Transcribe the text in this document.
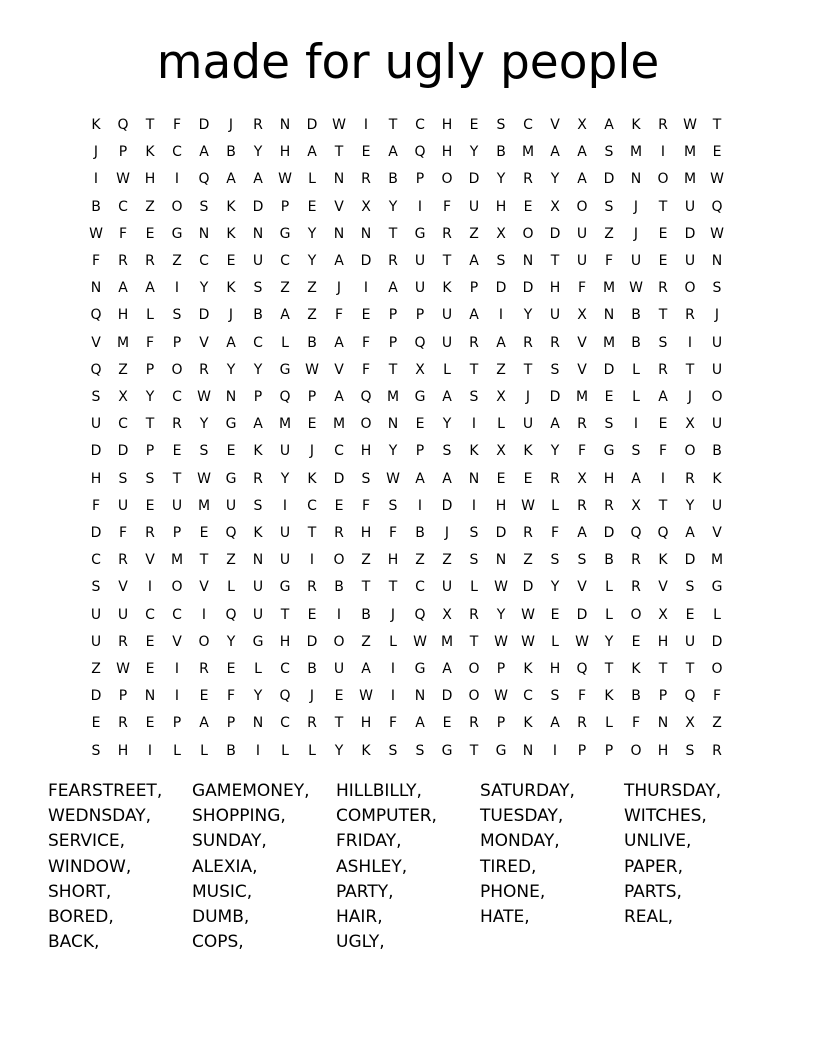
made for ugly people
K	Q	T	F	D	J	R	N	D	W	I	T	C	H	E	S	C	V	X	A	K	R	W	T
J	P	K	C	A	B	Y	H	A	T	E	A	Q	H	Y	B	M	A	A	S	M	I	M	E
I	W	H	I	Q	A	A	W	L	N	R	B	P	O	D	Y	R	Y	A	D	N	O	M	W
B	C	Z	O	S	K	D	P	E	V	X	Y	I	F	U	H	E	X	O	S	J	T	U	Q
W	F	E	G	N	K	N	G	Y	N	N	T	G	R	Z	X	O	D	U	Z	J	E	D	W
F	R	R	Z	C	E	U	C	Y	A	D	R	U	T	A	S	N	T	U	F	U	E	U	N
N	A	A	I	Y	K	S	Z	Z	J	I	A	U	K	P	D	D	H	F	M	W	R	O	S
Q	H	L	S	D	J	B	A	Z	F	E	P	P	U	A	I	Y	U	X	N	B	T	R	J
V	M	F	P	V	A	C	L	B	A	F	P	Q	U	R	A	R	R	V	M	B	S	I	U
Q	Z	P	O	R	Y	Y	G	W	V	F	T	X	L	T	Z	T	S	V	D	L	R	T	U
S	X	Y	C	W	N	P	Q	P	A	Q	M	G	A	S	X	J	D	M	E	L	A	J	O
U	C	T	R	Y	G	A	M	E	M	O	N	E	Y	I	L	U	A	R	S	I	E	X	U
D	D	P	E	S	E	K	U	J	C	H	Y	P	S	K	X	K	Y	F	G	S	F	O	B
H	S	S	T	W	G	R	Y	K	D	S	W	A	A	N	E	E	R	X	H	A	I	R	K
F	U	E	U	M	U	S	I	C	E	F	S	I	D	I	H	W	L	R	R	X	T	Y	U
D	F	R	P	E	Q	K	U	T	R	H	F	B	J	S	D	R	F	A	D	Q	Q	A	V
C	R	V	M	T	Z	N	U	I	O	Z	H	Z	Z	S	N	Z	S	S	B	R	K	D	M
S	V	I	O	V	L	U	G	R	B	T	T	C	U	L	W	D	Y	V	L	R	V	S	G
U	U	C	C	I	Q	U	T	E	I	B	J	Q	X	R	Y	W	E	D	L	O	X	E	L
U	R	E	V	O	Y	G	H	D	O	Z	L	W	M	T	W W	L	W	Y	E	H	U	D
Z	W	E	I	R	E	L	C	B	U	A	I	G	A	O	P	K	H	Q	T	K	T	T	O
D	P	N	I	E	F	Y	Q	J	E	W	I	N	D	O	W	C	S	F	K	B	P	Q	F
E	R	E	P	A	P	N	C	R	T	H	F	A	E	R	P	K	A	R	L	F	N	X	Z
S	H	I	L	L	B	I	L	L	Y	K	S	S	G	T	G	N	I	P	P	O	H	S	R
FEARSTREET,
WEDNSDAY,
SERVICE,
WINDOW,
SHORT,
BORED,
BACK,
GAMEMONEY,
SHOPPING,
SUNDAY,
ALEXIA,
MUSIC,
DUMB,
COPS,
HILLBILLY,
COMPUTER,
FRIDAY,
ASHLEY,
PARTY,
HAIR,
UGLY,
SATURDAY,
TUESDAY,
MONDAY,
TIRED,
PHONE,
HATE,
THURSDAY,
WITCHES,
UNLIVE,
PAPER,
PARTS,
REAL,
